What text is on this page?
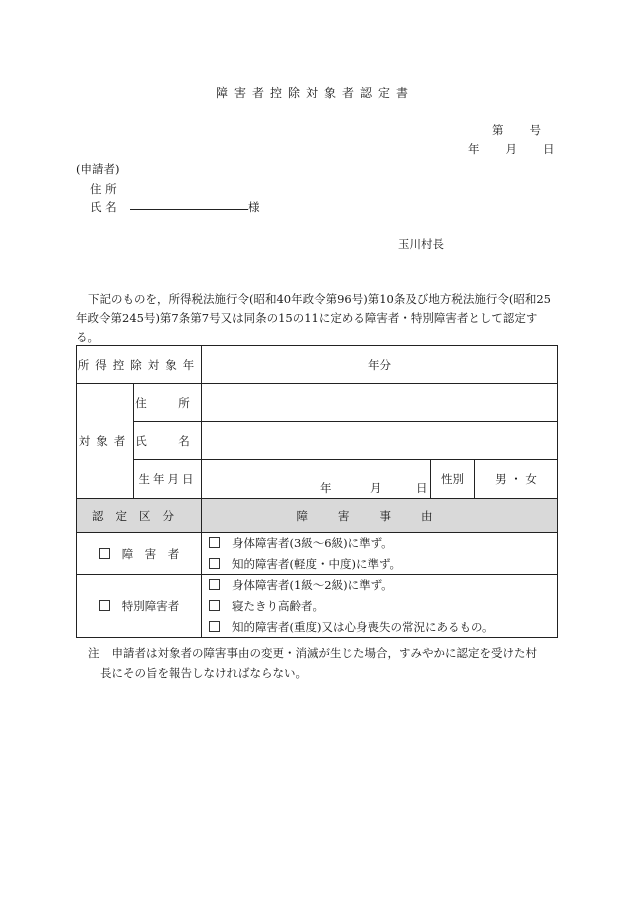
障害者控除対象者認定書
第　　号
年　　月　　日
(申請者)
住 所
氏 名	様
玉川村長
下記のものを，所得税法施行令(昭和40年政令第96号)第10条及び地方税法施行令(昭和25年政令第245号)第7条第7号又は同条の15の11に定める障害者・特別障害者として認定する。
所得控除対象年		年分		
対象者	住　所			
	氏　名			
	生年月日	年 月 日	性別	男 ・ 女
認定区分		障害事由		
障　害　者		身体障害者(3級～6級)に準ず。		
		知的障害者(軽度・中度)に準ず。		
特別障害者		身体障害者(1級～2級)に準ず。		
		寝たきり高齢者。		
		知的障害者(重度)又は心身喪失の常況にあるもの。		
注 申請者は対象者の障害事由の変更・消滅が生じた場合，すみやかに認定を受けた村
長にその旨を報告しなければならない。
